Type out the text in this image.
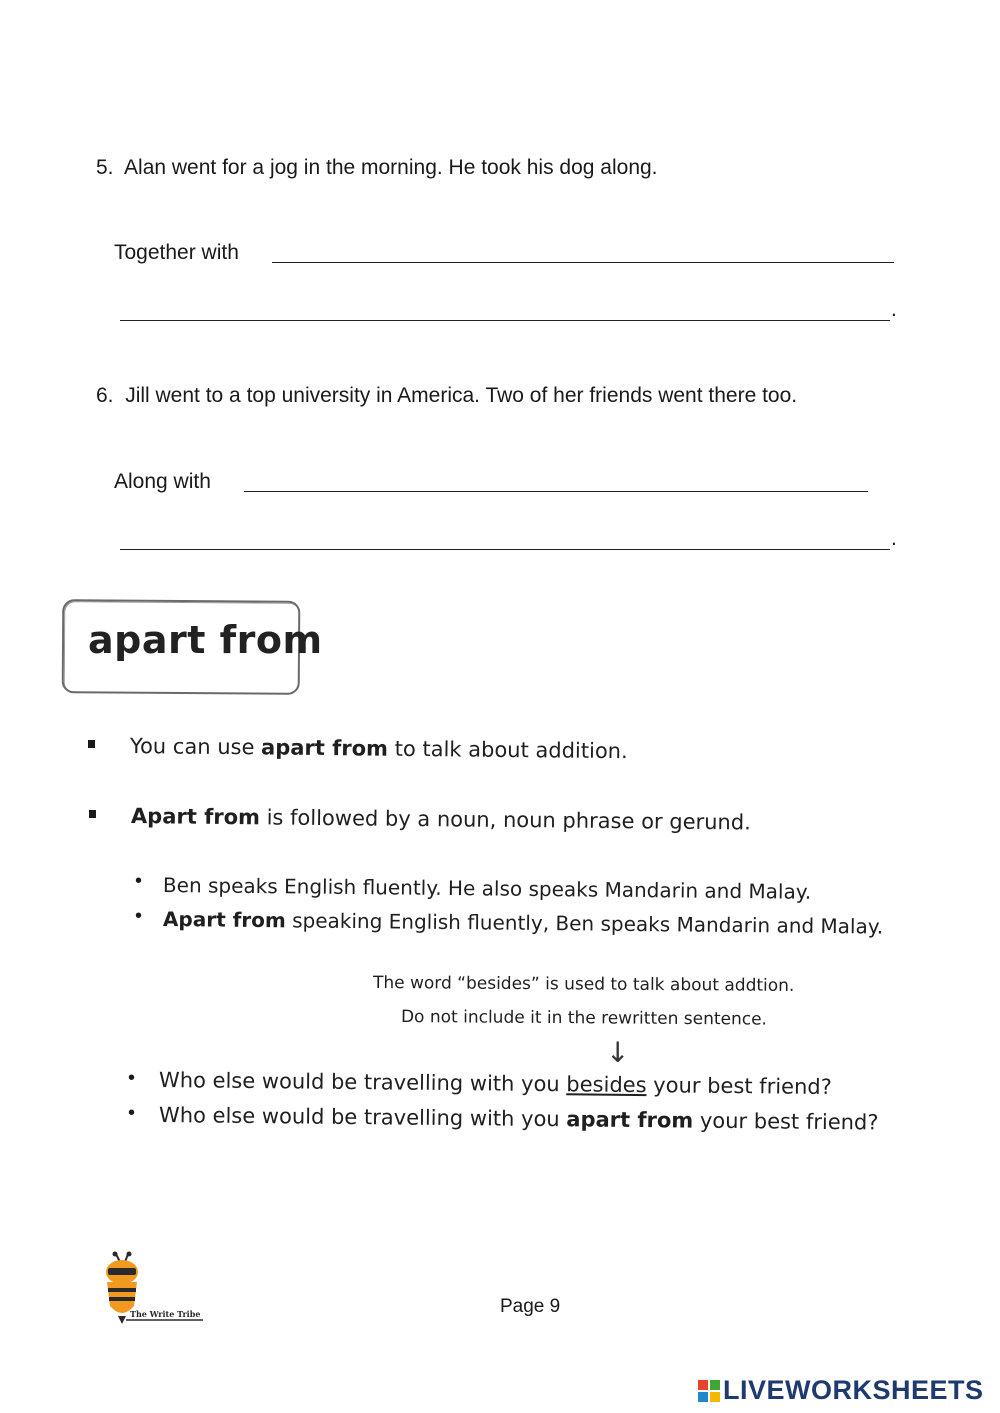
5. Alan went for a jog in the morning. He took his dog along.
Together with
.
6. Jill went to a top university in America. Two of her friends went there too.
Along with
.
apart from
You can use apart from to talk about addition.
Apart from is followed by a noun, noun phrase or gerund.
• Ben speaks English fluently. He also speaks Mandarin and Malay.
• Apart from speaking English fluently, Ben speaks Mandarin and Malay.
The word “besides” is used to talk about addtion.
Do not include it in the rewritten sentence.
↓
• Who else would be travelling with you besides your best friend?
• Who else would be travelling with you apart from your best friend?
The Write Tribe	Page 9
LIVEWORKSHEETS
